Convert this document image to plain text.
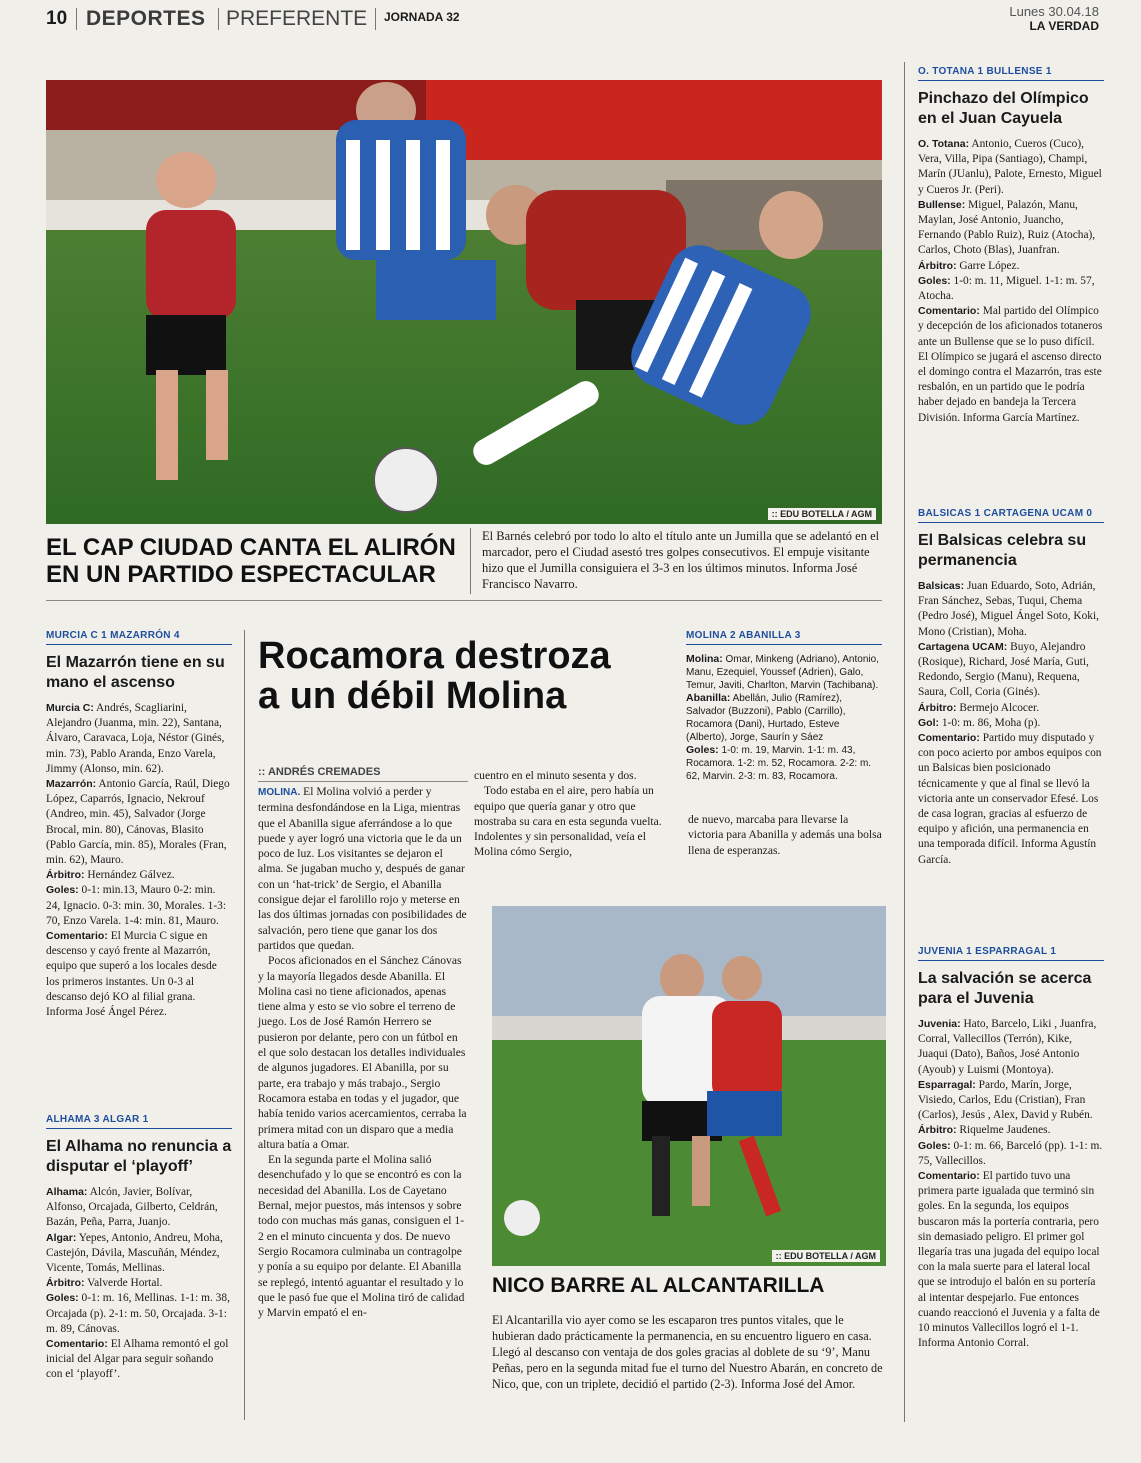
10 DEPORTES PREFERENTE JORNADA 32	Lunes 30.04.18
LA VERDAD
:: EDU BOTELLA / AGM
EL CAP CIUDAD CANTA EL ALIRÓN
EN UN PARTIDO ESPECTACULAR
El Barnés celebró por todo lo alto el título ante un Jumilla que se adelantó en el marcador, pero el Ciudad asestó tres golpes consecutivos. El empuje visitante hizo que el Jumilla consiguiera el 3-3 en los últimos minutos. Informa José Francisco Navarro.
O. TOTANA 1 BULLENSE 1
Pinchazo del Olímpico en el Juan Cayuela

O. Totana: Antonio, Cueros (Cuco), Vera, Villa, Pipa (Santiago), Champi, Marín (JUanlu), Palote, Ernesto, Miguel y Cueros Jr. (Peri).

Bullense: Miguel, Palazón, Manu, Maylan, José Antonio, Juancho, Fernando (Pablo Ruiz), Ruiz (Atocha), Carlos, Choto (Blas), Juanfran.

Árbitro: Garre López.

Goles: 1-0: m. 11, Miguel. 1-1: m. 57, Atocha.

Comentario: Mal partido del Olímpico y decepción de los aficionados totaneros ante un Bullense que se lo puso difícil. El Olímpico se jugará el ascenso directo el domingo contra el Mazarrón, tras este resbalón, en un partido que le podría haber dejado en bandeja la Tercera División. Informa García Martínez.

BALSICAS 1 CARTAGENA UCAM 0
El Balsicas celebra su permanencia

Balsicas: Juan Eduardo, Soto, Adrián, Fran Sánchez, Sebas, Tuqui, Chema (Pedro José), Miguel Ángel Soto, Koki, Mono (Cristian), Moha.

Cartagena UCAM: Buyo, Alejandro (Rosique), Richard, José María, Guti, Redondo, Sergio (Manu), Requena, Saura, Coll, Coria (Ginés).

Árbitro: Bermejo Alcocer.

Gol: 1-0: m. 86, Moha (p).

Comentario: Partido muy disputado y con poco acierto por ambos equipos con un Balsicas bien posicionado técnicamente y que al final se llevó la victoria ante un conservador Efesé. Los de casa logran, gracias al esfuerzo de equipo y afición, una permanencia en una temporada difícil. Informa Agustín García.

JUVENIA 1 ESPARRAGAL 1
La salvación se acerca para el Juvenia

Juvenia: Hato, Barcelo, Liki , Juanfra, Corral, Vallecillos (Terrón), Kike, Juaqui (Dato), Baños, José Antonio (Ayoub) y Luismi (Montoya).

Esparragal: Pardo, Marín, Jorge, Visiedo, Carlos, Edu (Cristian), Fran (Carlos), Jesús , Alex, David y Rubén.

Árbitro: Riquelme Jaudenes.

Goles: 0-1: m. 66, Barceló (pp). 1-1: m. 75, Vallecillos.

Comentario: El partido tuvo una primera parte igualada que terminó sin goles. En la segunda, los equipos buscaron más la portería contraria, pero sin demasiado peligro. El primer gol llegaría tras una jugada del equipo local con la mala suerte para el lateral local que se introdujo el balón en su portería al intentar despejarlo. Fue entonces cuando reaccionó el Juvenia y a falta de 10 minutos Vallecillos logró el 1-1. Informa Antonio Corral.

MURCIA C 1 MAZARRÓN 4
El Mazarrón tiene en su mano el ascenso

Murcia C: Andrés, Scagliarini, Alejandro (Juanma, min. 22), Santana, Álvaro, Caravaca, Loja, Néstor (Ginés, min. 73), Pablo Aranda, Enzo Varela, Jimmy (Alonso, min. 62).

Mazarrón: Antonio García, Raúl, Diego López, Caparrós, Ignacio, Nekrouf (Andreo, min. 45), Salvador (Jorge Brocal, min. 80), Cánovas, Blasito (Pablo García, min. 85), Morales (Fran, min. 62), Mauro.

Árbitro: Hernández Gálvez.

Goles: 0-1: min.13, Mauro 0-2: min. 24, Ignacio. 0-3: min. 30, Morales. 1-3: 70, Enzo Varela. 1-4: min. 81, Mauro.

Comentario: El Murcia C sigue en descenso y cayó frente al Mazarrón, equipo que superó a los locales desde los primeros instantes. Un 0-3 al descanso dejó KO al filial grana. Informa José Ángel Pérez.

ALHAMA 3 ALGAR 1
El Alhama no renuncia a disputar el ‘playoff’

Alhama: Alcón, Javier, Bolívar, Alfonso, Orcajada, Gilberto, Celdrán, Bazán, Peña, Parra, Juanjo.

Algar: Yepes, Antonio, Andreu, Moha, Castejón, Dávila, Mascuñán, Méndez, Vicente, Tomás, Mellinas.

Árbitro: Valverde Hortal.

Goles: 0-1: m. 16, Mellinas. 1-1: m. 38, Orcajada (p). 2-1: m. 50, Orcajada. 3-1: m. 89, Cánovas.

Comentario: El Alhama remontó el gol inicial del Algar para seguir soñando con el ‘playoff’.

Rocamora destroza
a un débil Molina
MOLINA 2 ABANILLA 3

Molina: Omar, Minkeng (Adriano), Antonio, Manu, Ezequiel, Youssef (Adrien), Galo, Temur, Javiti, Charlton, Marvin (Tachibana).

Abanilla: Abellán, Julio (Ramírez), Salvador (Buzzoni), Pablo (Carrillo), Rocamora (Dani), Hurtado, Esteve (Alberto), Jorge, Saurín y Sáez

Goles: 1-0: m. 19, Marvin. 1-1: m. 43, Rocamora. 1-2: m. 52, Rocamora. 2-2: m. 62, Marvin. 2-3: m. 83, Rocamora.

:: ANDRÉS CREMADES

MOLINA. El Molina volvió a perder y termina desfondándose en la Liga, mientras que el Abanilla sigue aferrándose a lo que puede y ayer logró una victoria que le da un poco de luz. Los visitantes se dejaron el alma. Se jugaban mucho y, después de ganar con un ‘hat-trick’ de Sergio, el Abanilla consigue dejar el farolillo rojo y meterse en las dos últimas jornadas con posibilidades de salvación, pero tiene que ganar los dos partidos que quedan.

Pocos aficionados en el Sánchez Cánovas y la mayoría llegados desde Abanilla. El Molina casi no tiene aficionados, apenas tiene alma y esto se vio sobre el terreno de juego. Los de José Ramón Herrero se pusieron por delante, pero con un fútbol en el que solo destacan los detalles individuales de algunos jugadores. El Abanilla, por su parte, era trabajo y más trabajo., Sergio Rocamora estaba en todas y el jugador, que había tenido varios acercamientos, cerraba la primera mitad con un disparo que a media altura batía a Omar.

En la segunda parte el Molina salió desenchufado y lo que se encontró es con la necesidad del Abanilla. Los de Cayetano Bernal, mejor puestos, más intensos y sobre todo con muchas más ganas, consiguen el 1-2 en el minuto cincuenta y dos. De nuevo Sergio Rocamora culminaba un contragolpe y ponía a su equipo por delante. El Abanilla se replegó, intentó aguantar el resultado y lo que le pasó fue que el Molina tiró de calidad y Marvin empató el en-

cuentro en el minuto sesenta y dos.

Todo estaba en el aire, pero había un equipo que quería ganar y otro que mostraba su cara en esta segunda vuelta. Indolentes y sin personalidad, veía el Molina cómo Sergio,

de nuevo, marcaba para llevarse la victoria para Abanilla y además una bolsa llena de esperanzas.

:: EDU BOTELLA / AGM
NICO BARRE AL ALCANTARILLA
El Alcantarilla vio ayer como se les escaparon tres puntos vitales, que le hubieran dado prácticamente la permanencia, en su encuentro liguero en casa. Llegó al descanso con ventaja de dos goles gracias al doblete de su ‘9’, Manu Peñas, pero en la segunda mitad fue el turno del Nuestro Abarán, en concreto de Nico, que, con un triplete, decidió el partido (2-3). Informa José del Amor.
